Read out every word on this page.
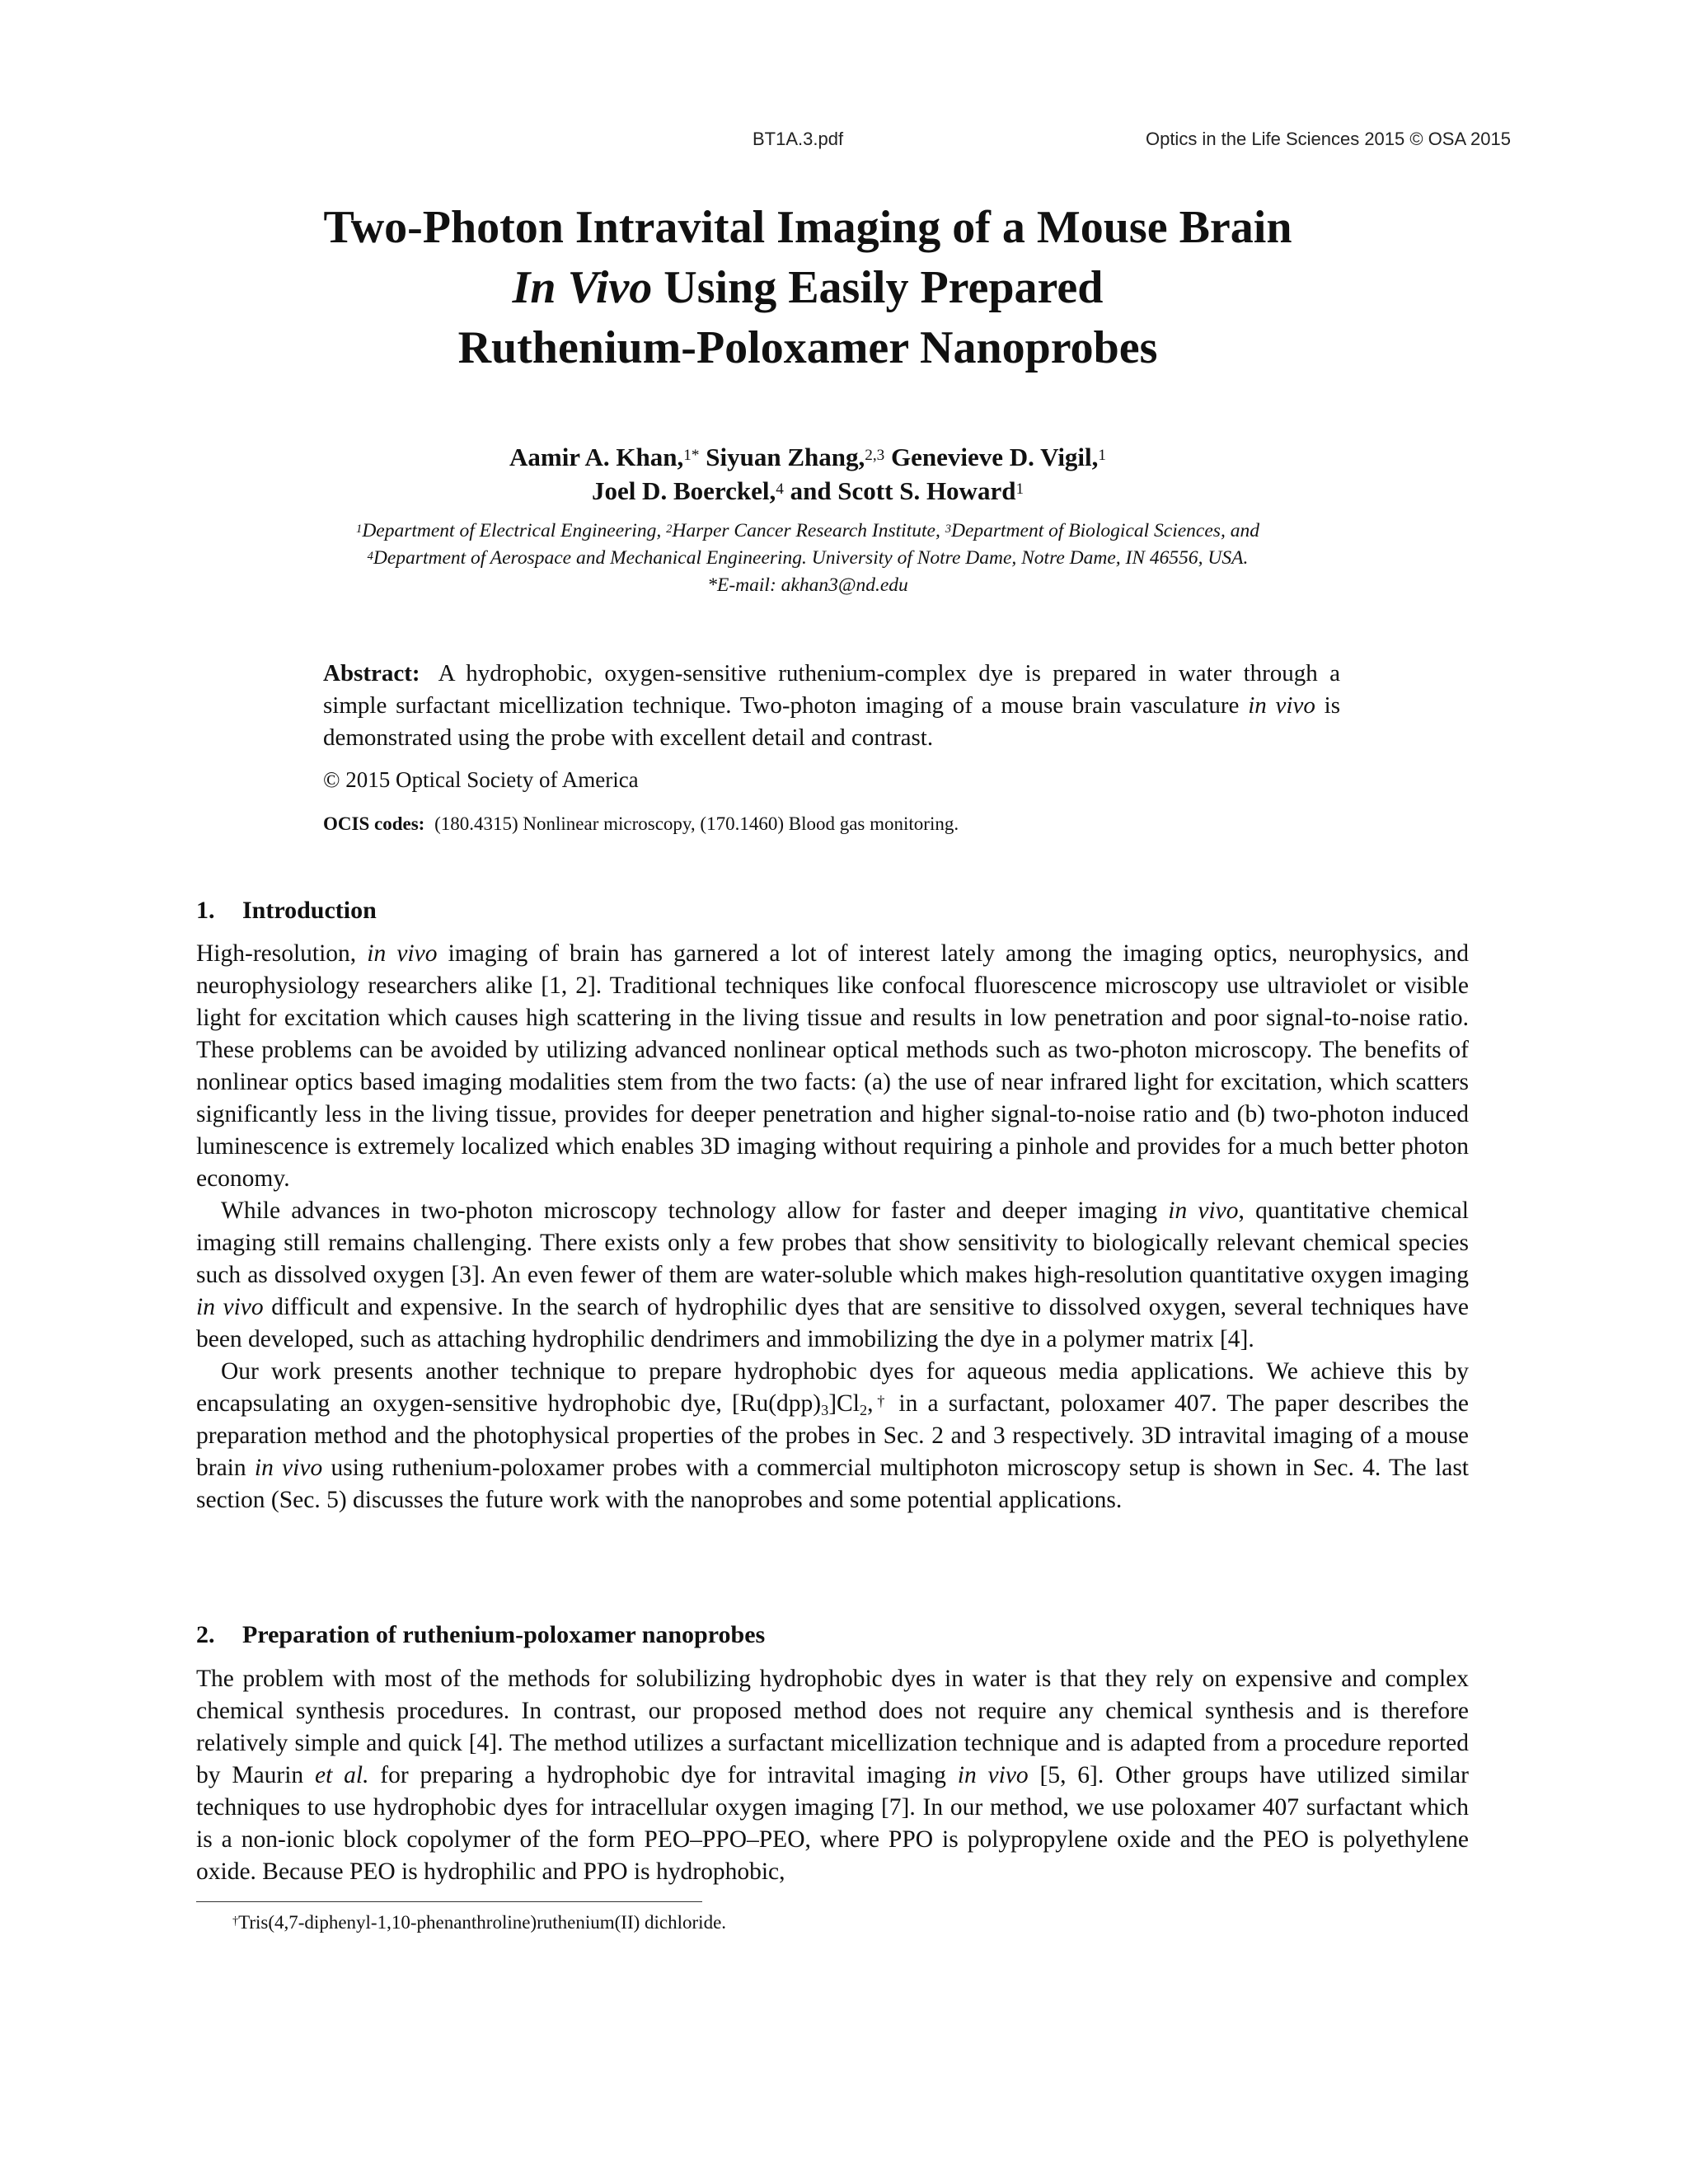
BT1A.3.pdf	Optics in the Life Sciences 2015 © OSA 2015
Two-Photon Intravital Imaging of a Mouse Brain
In Vivo Using Easily Prepared
Ruthenium-Poloxamer Nanoprobes
Aamir A. Khan,$^{1*}$ Siyuan Zhang,$^{2,3}$ Genevieve D. Vigil,$^1$
Joel D. Boerckel,$^4$ and Scott S. Howard$^1$
$^1$Department of Electrical Engineering, $^2$Harper Cancer Research Institute, $^3$Department of Biological Sciences, and
$^4$Department of Aerospace and Mechanical Engineering. University of Notre Dame, Notre Dame, IN 46556, USA.
*E-mail: akhan3@nd.edu
Abstract: A hydrophobic, oxygen-sensitive ruthenium-complex dye is prepared in water through a simple surfactant micellization technique. Two-photon imaging of a mouse brain vasculature in vivo is demonstrated using the probe with excellent detail and contrast.
© 2015 Optical Society of America
OCIS codes: (180.4315) Nonlinear microscopy, (170.1460) Blood gas monitoring.
1. Introduction

High-resolution, in vivo imaging of brain has garnered a lot of interest lately among the imaging optics, neurophysics, and neurophysiology researchers alike [1, 2]. Traditional techniques like confocal fluorescence microscopy use ultraviolet or visible light for excitation which causes high scattering in the living tissue and results in low penetration and poor signal-to-noise ratio. These problems can be avoided by utilizing advanced nonlinear optical methods such as two-photon microscopy. The benefits of nonlinear optics based imaging modalities stem from the two facts: (a) the use of near infrared light for excitation, which scatters significantly less in the living tissue, provides for deeper penetration and higher signal-to-noise ratio and (b) two-photon induced luminescence is extremely localized which enables 3D imaging without requiring a pinhole and provides for a much better photon economy.

While advances in two-photon microscopy technology allow for faster and deeper imaging in vivo, quantitative chemical imaging still remains challenging. There exists only a few probes that show sensitivity to biologically relevant chemical species such as dissolved oxygen [3]. An even fewer of them are water-soluble which makes high-resolution quantitative oxygen imaging in vivo difficult and expensive. In the search of hydrophilic dyes that are sensitive to dissolved oxygen, several techniques have been developed, such as attaching hydrophilic dendrimers and immobilizing the dye in a polymer matrix [4].

Our work presents another technique to prepare hydrophobic dyes for aqueous media applications. We achieve this by encapsulating an oxygen-sensitive hydrophobic dye, $[Ru(dpp)_3]Cl_2,^\dagger$ in a surfactant, poloxamer 407. The paper describes the preparation method and the photophysical properties of the probes in Sec. 2 and 3 respectively. 3D intravital imaging of a mouse brain in vivo using ruthenium-poloxamer probes with a commercial multiphoton microscopy setup is shown in Sec. 4. The last section (Sec. 5) discusses the future work with the nanoprobes and some potential applications.

2. Preparation of ruthenium-poloxamer nanoprobes

The problem with most of the methods for solubilizing hydrophobic dyes in water is that they rely on expensive and complex chemical synthesis procedures. In contrast, our proposed method does not require any chemical synthesis and is therefore relatively simple and quick [4]. The method utilizes a surfactant micellization technique and is adapted from a procedure reported by Maurin et al. for preparing a hydrophobic dye for intravital imaging in vivo [5, 6]. Other groups have utilized similar techniques to use hydrophobic dyes for intracellular oxygen imaging [7]. In our method, we use poloxamer 407 surfactant which is a non-ionic block copolymer of the form PEO–PPO–PEO, where PPO is polypropylene oxide and the PEO is polyethylene oxide. Because PEO is hydrophilic and PPO is hydrophobic,

†Tris(4,7-diphenyl-1,10-phenanthroline)ruthenium(II) dichloride.
